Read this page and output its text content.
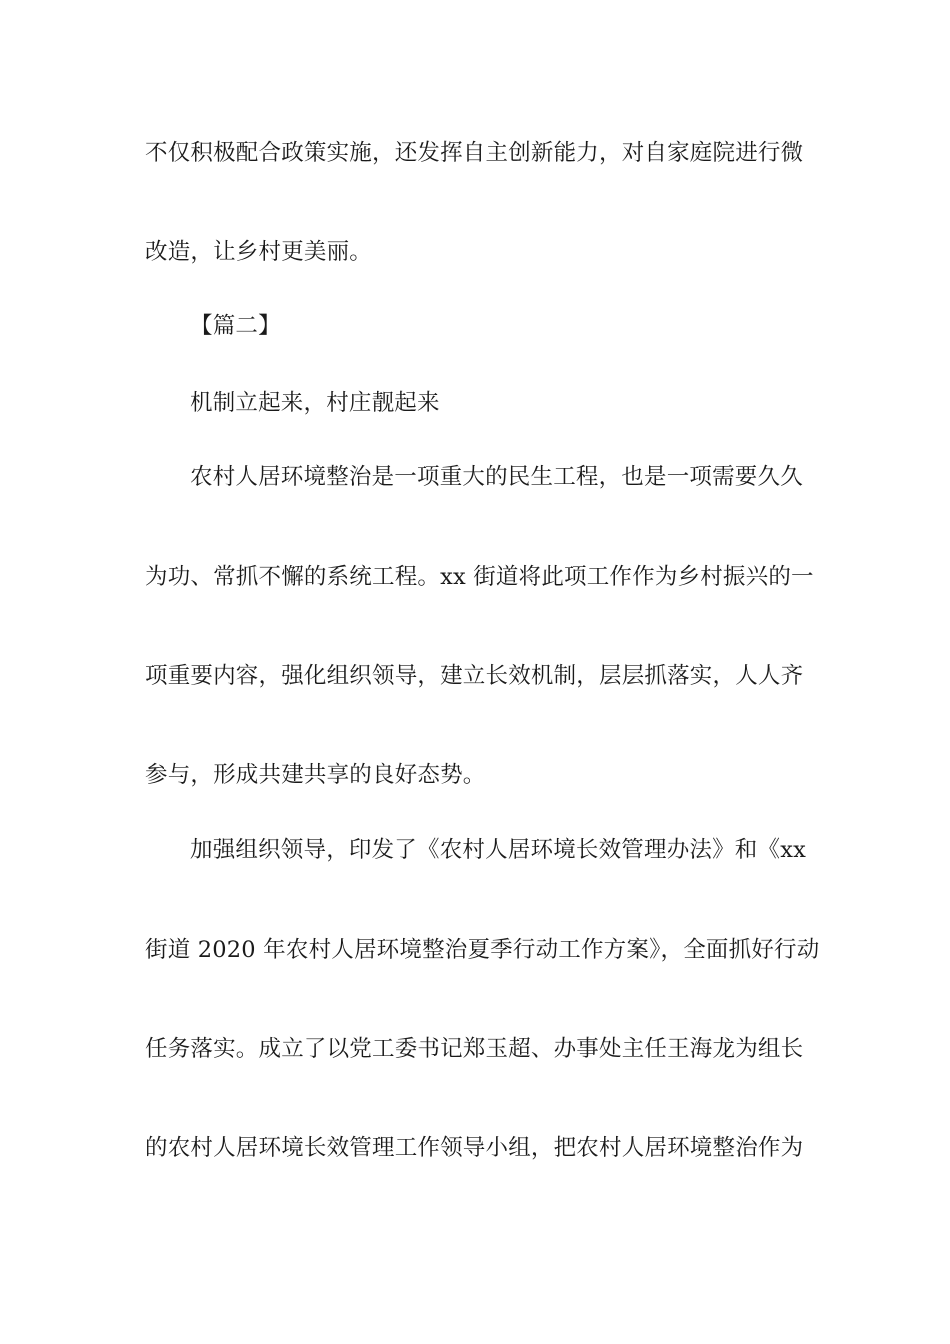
不仅积极配合政策实施，还发挥自主创新能力，对自家庭院进行微
改造，让乡村更美丽。
【篇二】
机制立起来，村庄靓起来
农村人居环境整治是一项重大的民生工程，也是一项需要久久
为功、常抓不懈的系统工程。xx 街道将此项工作作为乡村振兴的一
项重要内容，强化组织领导，建立长效机制，层层抓落实，人人齐
参与，形成共建共享的良好态势。
加强组织领导，印发了《农村人居环境长效管理办法》和《xx
街道 2020 年农村人居环境整治夏季行动工作方案》，全面抓好行动
任务落实。成立了以党工委书记郑玉超、办事处主任王海龙为组长
的农村人居环境长效管理工作领导小组，把农村人居环境整治作为
